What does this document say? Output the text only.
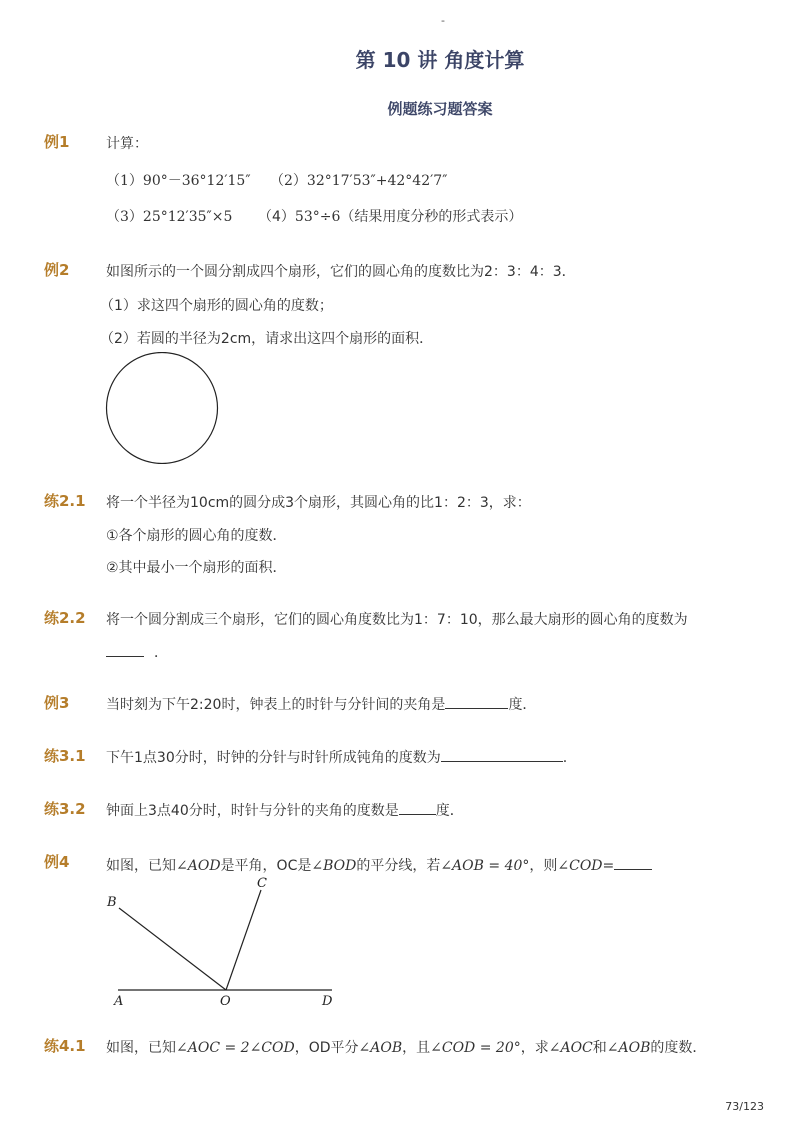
-
第 10 讲 角度计算
例题练习题答案
例1	计算：
（1）90°－36°12′15″ （2）32°17′53″+42°42′7″
（3）25°12′35″×5 （4）53°÷6（结果用度分秒的形式表示）
例2	如图所示的一个圆分割成四个扇形，它们的圆心角的度数比为2：3：4：3．
（1）求这四个扇形的圆心角的度数；
（2）若圆的半径为2cm，请求出这四个扇形的面积．
练2.1 将一个半径为10cm的圆分成3个扇形，其圆心角的比1：2：3，求：
①各个扇形的圆心角的度数．
②其中最小一个扇形的面积．
练2.2 将一个圆分割成三个扇形，它们的圆心角度数比为1：7：10，那么最大扇形的圆心角的度数为
．
例3	当时刻为下午2:20时，钟表上的时针与分针间的夹角是	度．
练3.1 下午1点30分时，时钟的分针与时针所成钝角的度数为	.
练3.2 钟面上3点40分时，时针与分针的夹角的度数是	度．
例4	如图，已知∠AOD是平角，OC是∠BOD的平分线，若∠AOB = 40°，则∠COD=
B
C
A	O	D
练4.1 如图，已知∠AOC = 2∠COD，OD平分∠AOB，且∠COD = 20°，求∠AOC和∠AOB的度数．
73/123
